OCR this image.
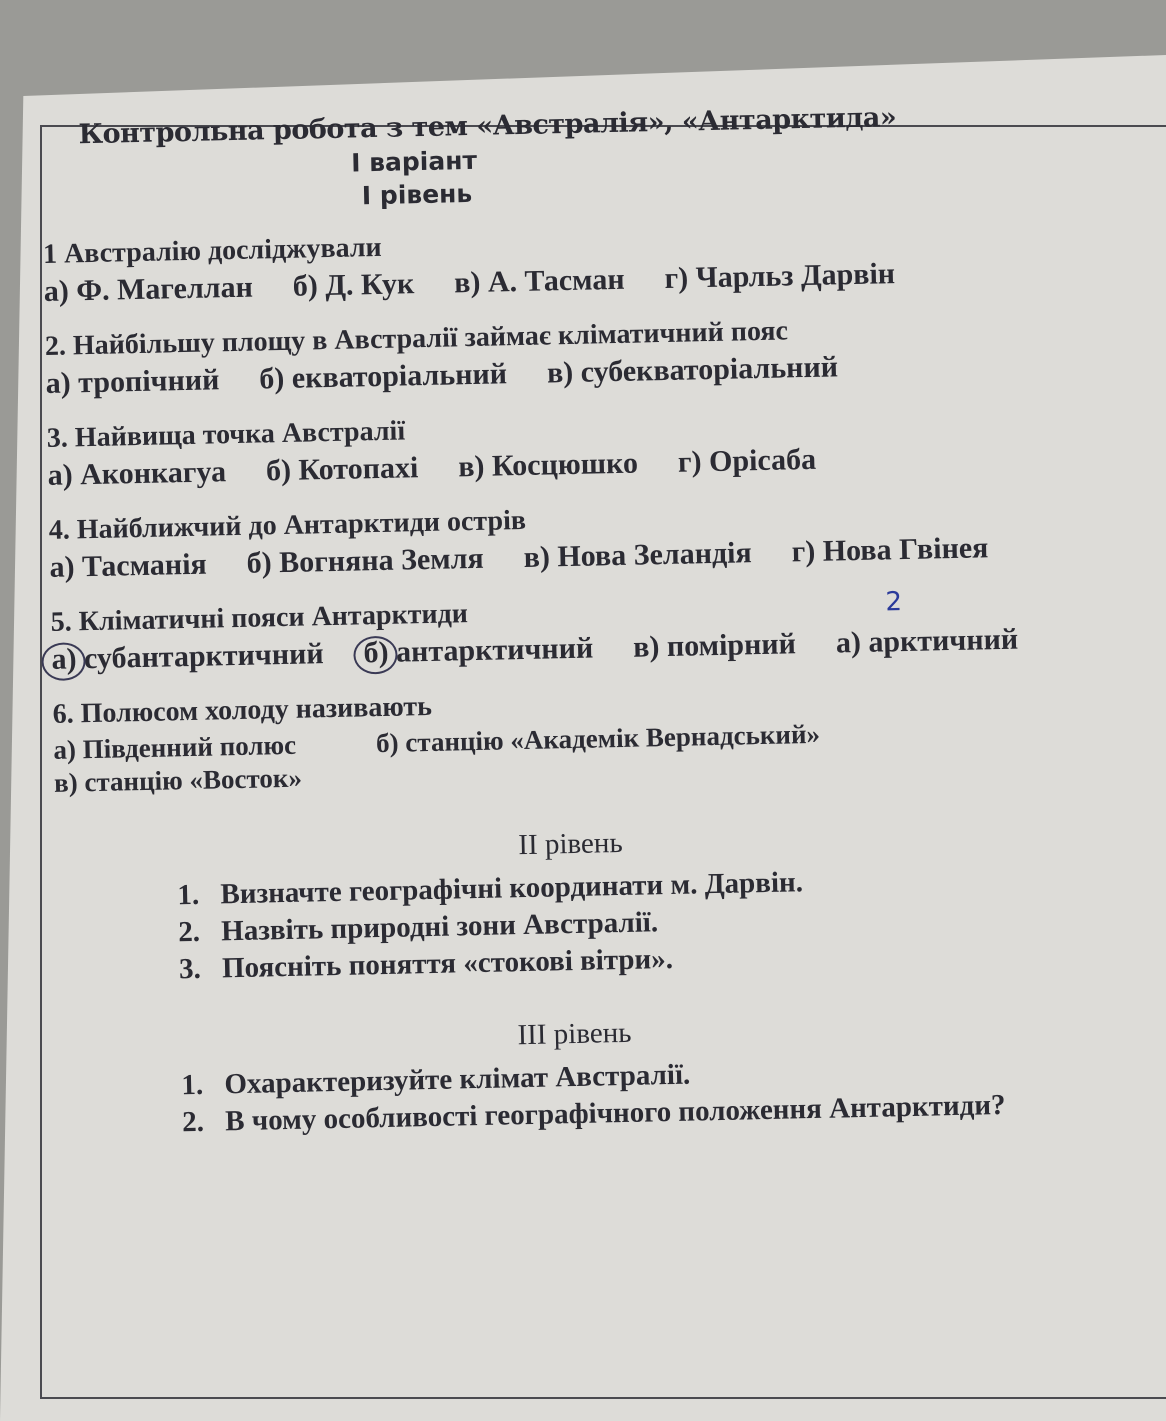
Контрольна робота з тем «Австралія», «Антарктида»
I варіант
І рівень
1 Австралію досліджували
а) Ф. Магеллан б) Д. Кук в) А. Тасман г) Чарльз Дарвін
2. Найбільшу площу в Австралії займає кліматичний пояс
а) тропічний б) екваторіальний в) субекваторіальний
3. Найвища точка Австралії
а) Аконкагуа б) Котопахі в) Косцюшко г) Орісаба
4. Найближчий до Антарктиди острів
а) Тасманія б) Вогняна Земля в) Нова Зеландія г) Нова Гвінея
5. Кліматичні пояси Антарктиди
а) субантарктичний б) антарктичний в) помірний а) арктичний
2
6. Полюсом холоду називають
а) Південний полюс	б) станцію «Академік Вернадський»
в) станцію «Восток»
II рівень
1. Визначте географічні координати м. Дарвін.
2. Назвіть природні зони Австралії.
3. Поясніть поняття «стокові вітри».
III рівень
1. Охарактеризуйте клімат Австралії.
2. В чому особливості географічного положення Антарктиди?
